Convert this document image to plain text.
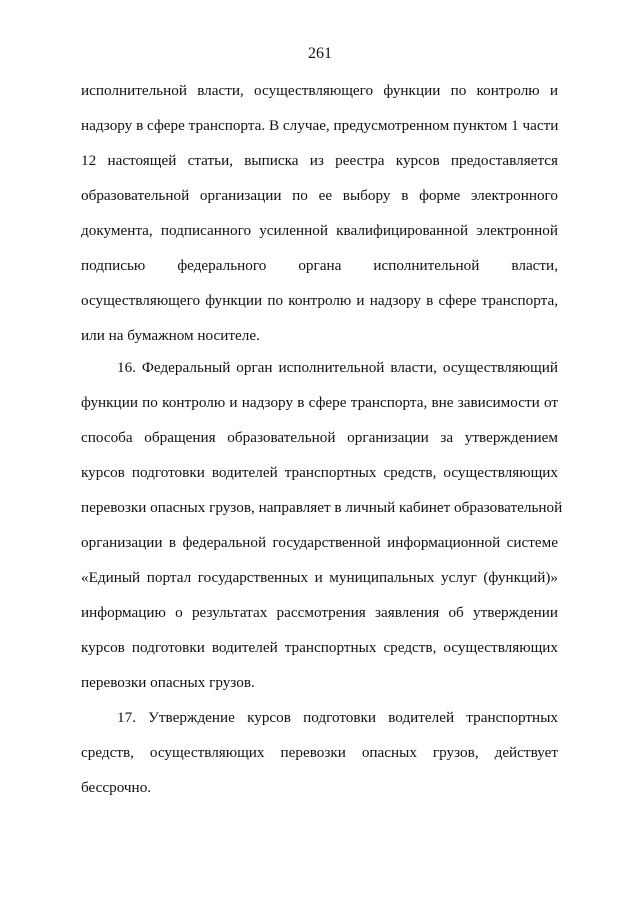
261
исполнительной власти, осуществляющего функции по контролю и
надзору в сфере транспорта. В случае, предусмотренном пунктом 1 части
12 настоящей статьи, выписка из реестра курсов предоставляется
образовательной организации по ее выбору в форме электронного
документа, подписанного усиленной квалифицированной электронной
подписью федерального органа исполнительной власти,
осуществляющего функции по контролю и надзору в сфере транспорта,
или на бумажном носителе.
16. Федеральный орган исполнительной власти, осуществляющий
функции по контролю и надзору в сфере транспорта, вне зависимости от
способа обращения образовательной организации за утверждением
курсов подготовки водителей транспортных средств, осуществляющих
перевозки опасных грузов, направляет в личный кабинет образовательной
организации в федеральной государственной информационной системе
«Единый портал государственных и муниципальных услуг (функций)»
информацию о результатах рассмотрения заявления об утверждении
курсов подготовки водителей транспортных средств, осуществляющих
перевозки опасных грузов.
17. Утверждение курсов подготовки водителей транспортных
средств, осуществляющих перевозки опасных грузов, действует
бессрочно.
